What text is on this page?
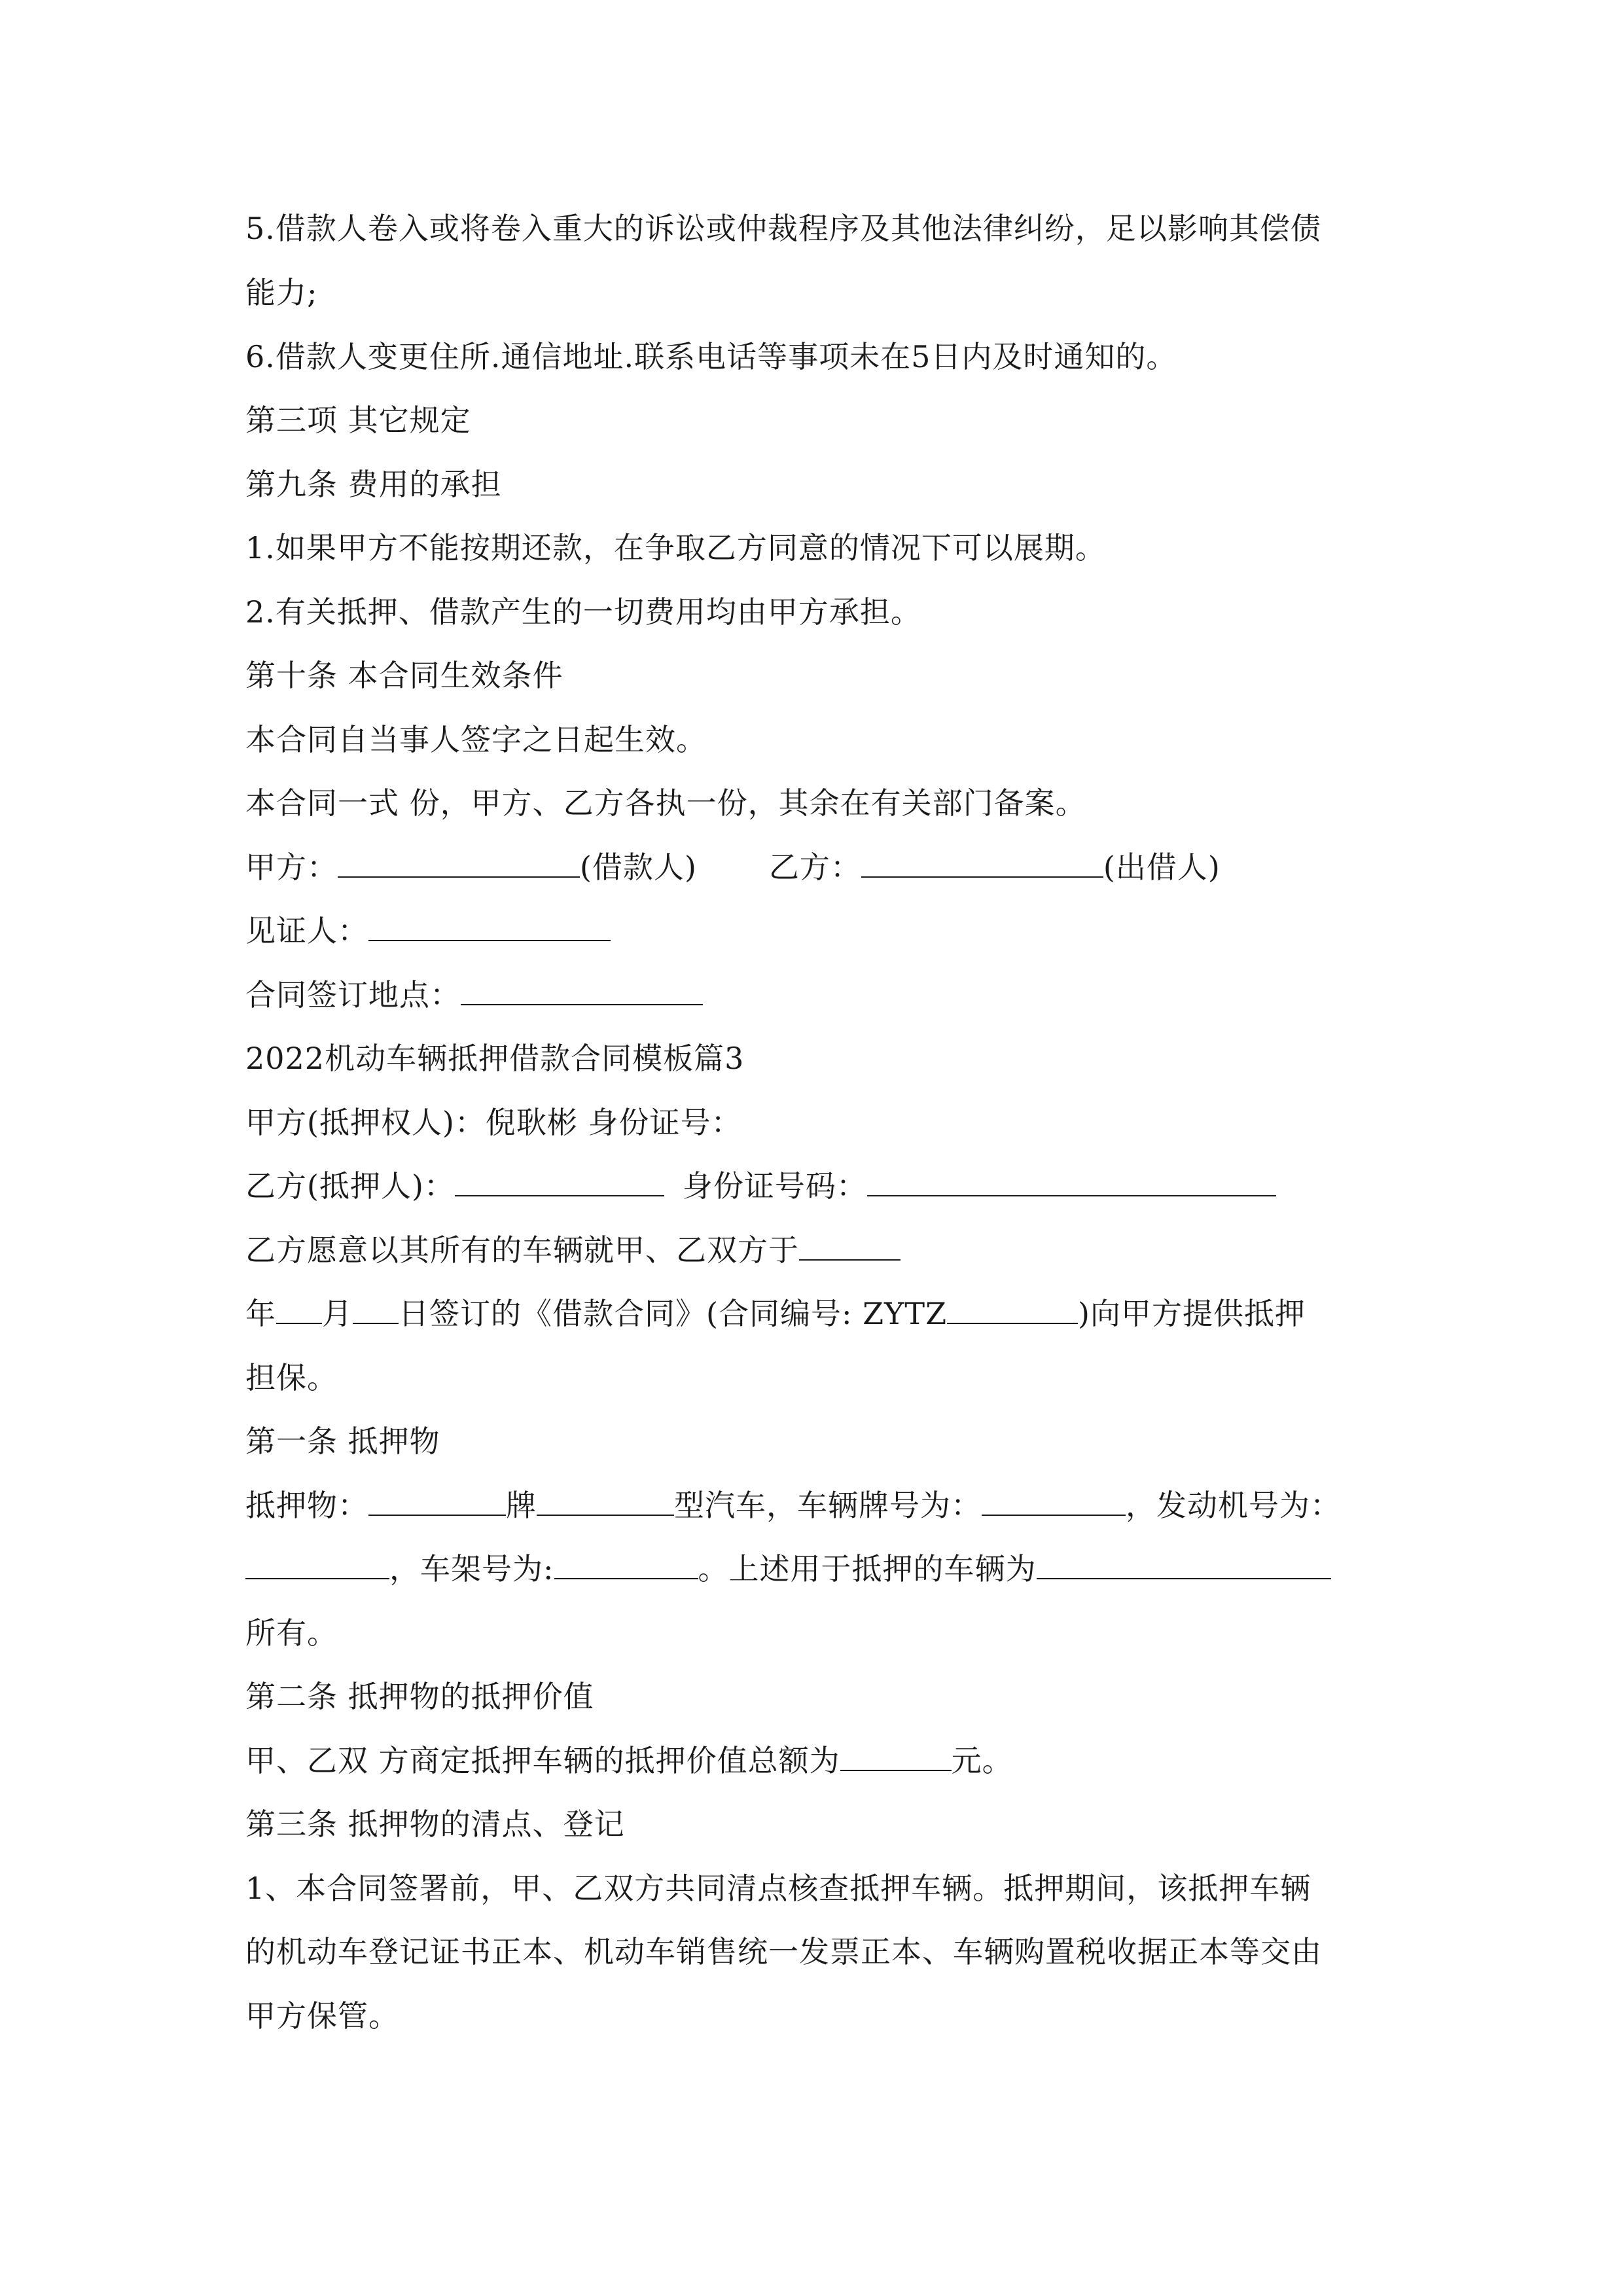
5.借款人卷入或将卷入重大的诉讼或仲裁程序及其他法律纠纷，足以影响其偿债
能力;
6.借款人变更住所.通信地址.联系电话等事项未在5日内及时通知的。
第三项 其它规定
第九条 费用的承担
1.如果甲方不能按期还款，在争取乙方同意的情况下可以展期。
2.有关抵押、借款产生的一切费用均由甲方承担。
第十条 本合同生效条件
本合同自当事人签字之日起生效。
本合同一式 份，甲方、乙方各执一份，其余在有关部门备案。
甲方：	(借款人) 乙方：	(出借人)
见证人：
合同签订地点：
2022机动车辆抵押借款合同模板篇3
甲方(抵押权人)：倪耿彬 身份证号：
乙方(抵押人)：	身份证号码：
乙方愿意以其所有的车辆就甲、乙双方于
年 月 日签订的《借款合同》(合同编号: ZYTZ	)向甲方提供抵押
担保。
第一条 抵押物
抵押物：	牌	型汽车，车辆牌号为：	，发动机号为：
，车架号为:	。上述用于抵押的车辆为
所有。
第二条 抵押物的抵押价值
甲、乙双 方商定抵押车辆的抵押价值总额为	元。
第三条 抵押物的清点、登记
1、本合同签署前，甲、乙双方共同清点核查抵押车辆。抵押期间，该抵押车辆
的机动车登记证书正本、机动车销售统一发票正本、车辆购置税收据正本等交由
甲方保管。
